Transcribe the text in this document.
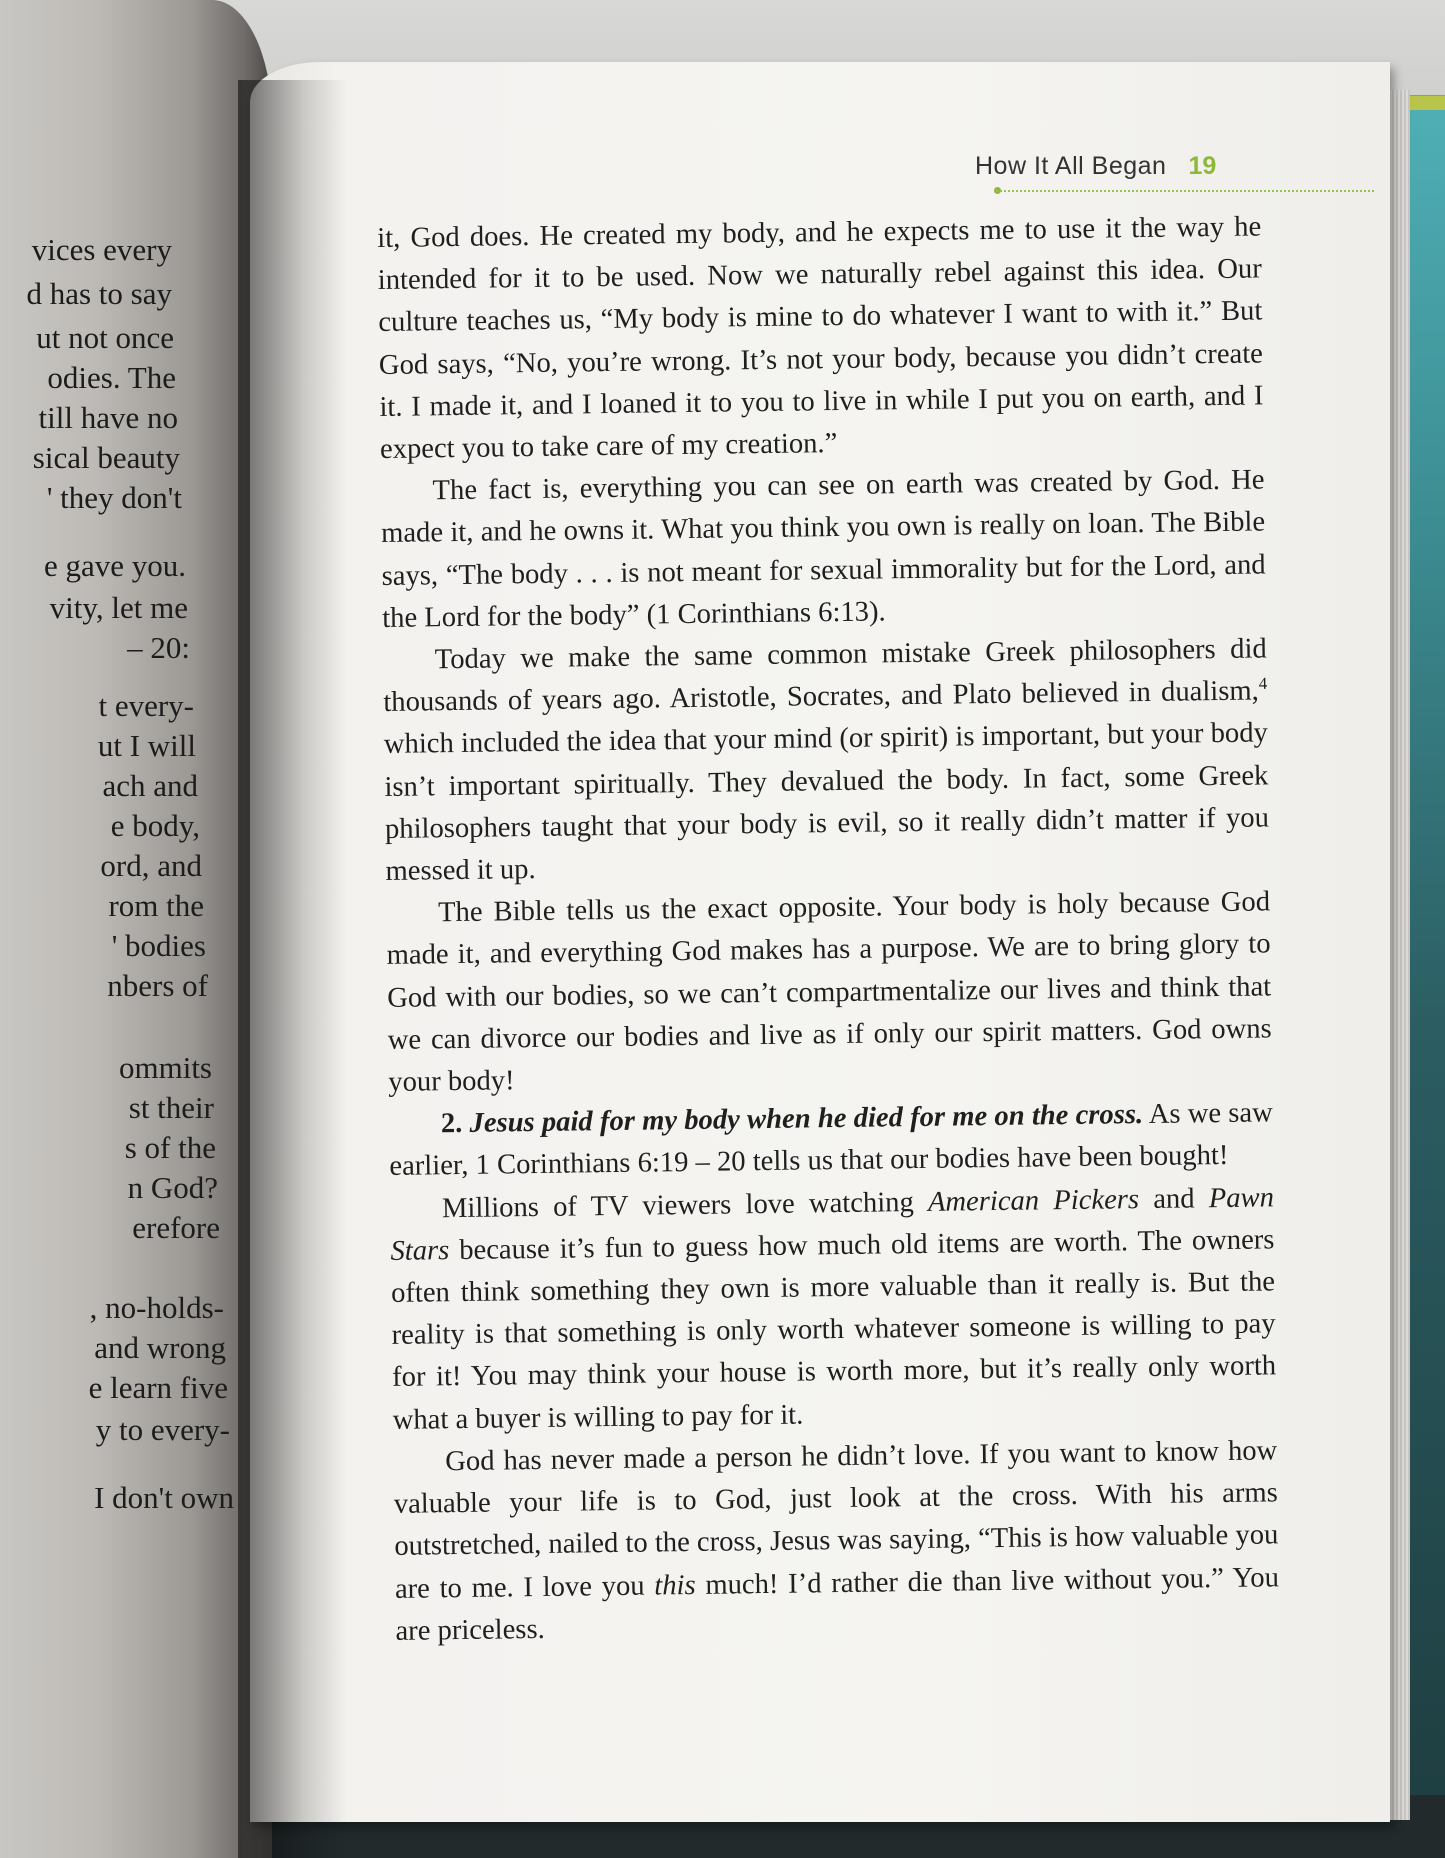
vices every
d has to say
ut not once
odies. The
till have no
sical beauty
' they don't
e gave you.
vity, let me
– 20:
t every-
ut I will
ach and
e body,
ord, and
rom the
' bodies
nbers of
ommits
st their
s of the
n God?
erefore
, no-holds-
and wrong
e learn five
y to every-
I don't own
How It All Began 19

it, God does. He created my body, and he expects me to use it the way he intended for it to be used. Now we naturally rebel against this idea. Our culture teaches us, “My body is mine to do whatever I want to with it.” But God says, “No, you’re wrong. It’s not your body, because you didn’t create it. I made it, and I loaned it to you to live in while I put you on earth, and I expect you to take care of my creation.”

The fact is, everything you can see on earth was created by God. He made it, and he owns it. What you think you own is really on loan. The Bible says, “The body . . . is not meant for sexual immorality but for the Lord, and the Lord for the body” (1 Corinthians 6:13).

Today we make the same common mistake Greek philosophers did thousands of years ago. Aristotle, Socrates, and Plato believed in dualism,$^4$ which included the idea that your mind (or spirit) is important, but your body isn’t important spiritually. They devalued the body. In fact, some Greek philosophers taught that your body is evil, so it really didn’t matter if you messed it up.

The Bible tells us the exact opposite. Your body is holy because God made it, and everything God makes has a purpose. We are to bring glory to God with our bodies, so we can’t compartmentalize our lives and think that we can divorce our bodies and live as if only our spirit matters. God owns your body!

2. Jesus paid for my body when he died for me on the cross. As we saw earlier, 1 Corinthians 6:19 – 20 tells us that our bodies have been bought!

Millions of TV viewers love watching American Pickers and Pawn Stars because it’s fun to guess how much old items are worth. The owners often think something they own is more valuable than it really is. But the reality is that something is only worth whatever someone is willing to pay for it! You may think your house is worth more, but it’s really only worth what a buyer is willing to pay for it.

God has never made a person he didn’t love. If you want to know how valuable your life is to God, just look at the cross. With his arms outstretched, nailed to the cross, Jesus was saying, “This is how valuable you are to me. I love you this much! I’d rather die than live without you.” You are priceless.
